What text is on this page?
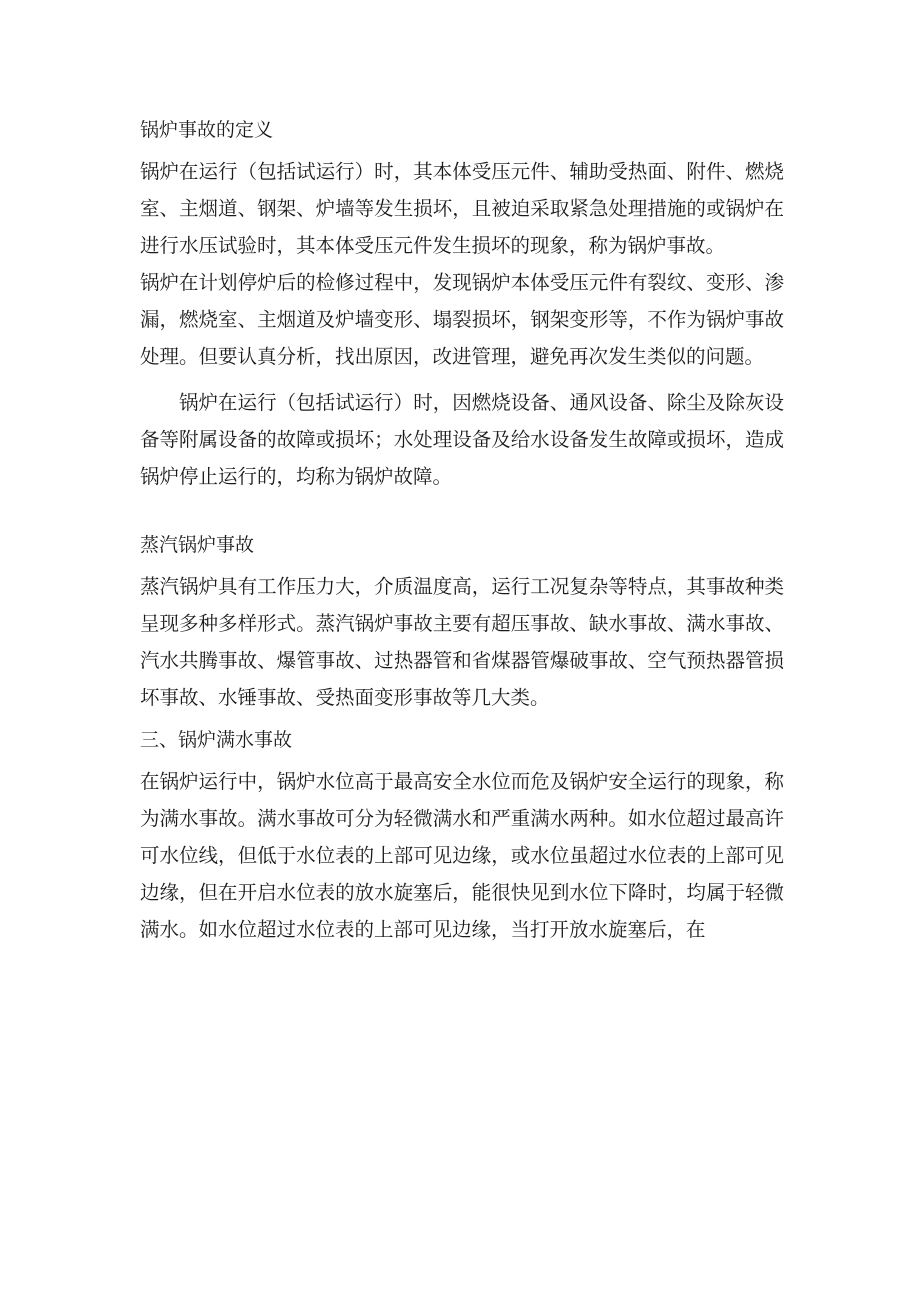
锅炉事故的定义

锅炉在运行（包括试运行）时，其本体受压元件、辅助受热面、附件、燃烧室、主烟道、钢架、炉墙等发生损坏，且被迫采取紧急处理措施的或锅炉在进行水压试验时，其本体受压元件发生损坏的现象，称为锅炉事故。

锅炉在计划停炉后的检修过程中，发现锅炉本体受压元件有裂纹、变形、渗漏，燃烧室、主烟道及炉墙变形、塌裂损坏，钢架变形等，不作为锅炉事故处理。但要认真分析，找出原因，改进管理，避免再次发生类似的问题。

锅炉在运行（包括试运行）时，因燃烧设备、通风设备、除尘及除灰设备等附属设备的故障或损坏；水处理设备及给水设备发生故障或损坏，造成锅炉停止运行的，均称为锅炉故障。

蒸汽锅炉事故

蒸汽锅炉具有工作压力大，介质温度高，运行工况复杂等特点，其事故种类呈现多种多样形式。蒸汽锅炉事故主要有超压事故、缺水事故、满水事故、汽水共腾事故、爆管事故、过热器管和省煤器管爆破事故、空气预热器管损坏事故、水锤事故、受热面变形事故等几大类。

三、锅炉满水事故

在锅炉运行中，锅炉水位高于最高安全水位而危及锅炉安全运行的现象，称为满水事故。满水事故可分为轻微满水和严重满水两种。如水位超过最高许可水位线，但低于水位表的上部可见边缘，或水位虽超过水位表的上部可见边缘，但在开启水位表的放水旋塞后，能很快见到水位下降时，均属于轻微满水。如水位超过水位表的上部可见边缘，当打开放水旋塞后，在
